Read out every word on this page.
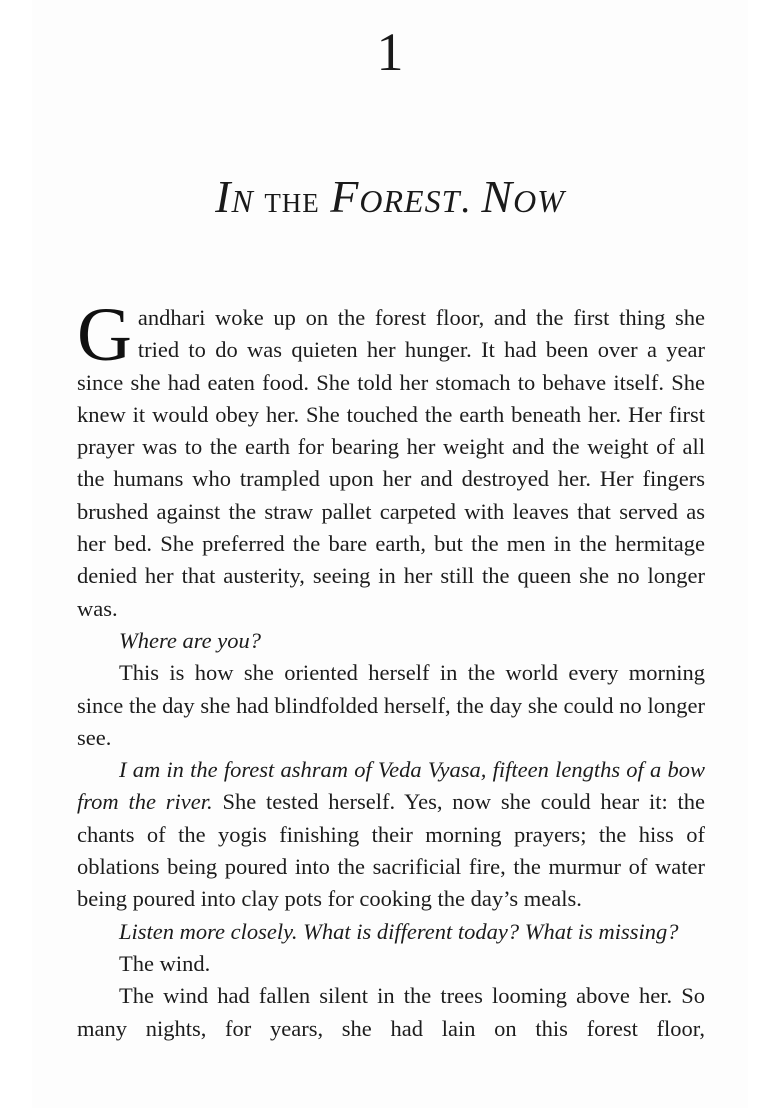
1
In the Forest. Now

Gandhari woke up on the forest floor, and the first thing she tried to do was quieten her hunger. It had been over a year since she had eaten food. She told her stomach to behave itself. She knew it would obey her. She touched the earth beneath her. Her first prayer was to the earth for bearing her weight and the weight of all the humans who trampled upon her and destroyed her. Her fingers brushed against the straw pallet carpeted with leaves that served as her bed. She preferred the bare earth, but the men in the hermitage denied her that austerity, seeing in her still the queen she no longer was.

Where are you?

This is how she oriented herself in the world every morning since the day she had blindfolded herself, the day she could no longer see.

I am in the forest ashram of Veda Vyasa, fifteen lengths of a bow from the river. She tested herself. Yes, now she could hear it: the chants of the yogis finishing their morning prayers; the hiss of oblations being poured into the sacrificial fire, the murmur of water being poured into clay pots for cooking the day’s meals.

Listen more closely. What is different today? What is missing?

The wind.

The wind had fallen silent in the trees looming above her. So many nights, for years, she had lain on this forest floor,
